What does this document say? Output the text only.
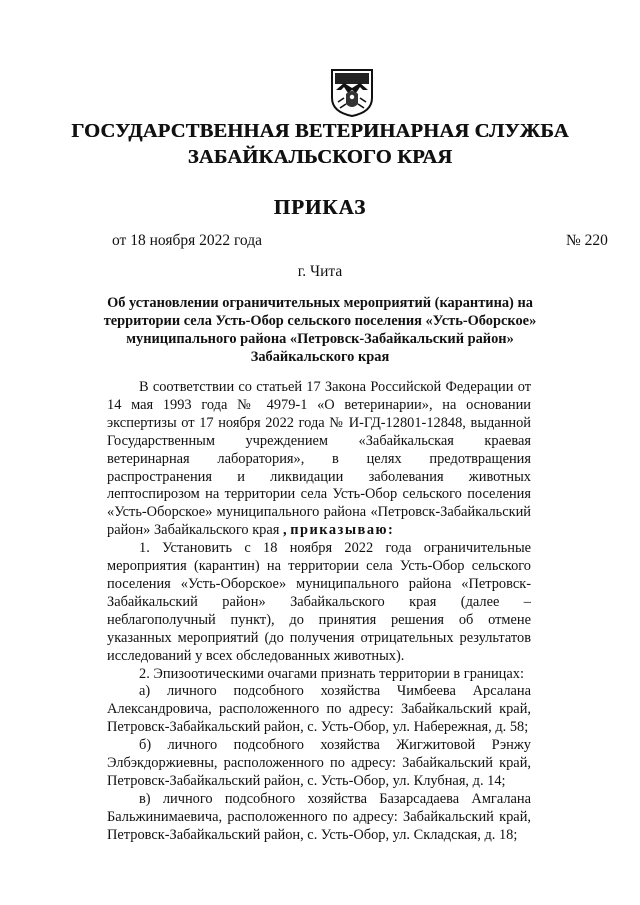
ГОСУДАРСТВЕННАЯ ВЕТЕРИНАРНАЯ СЛУЖБА
ЗАБАЙКАЛЬСКОГО КРАЯ
ПРИКАЗ
от 18 ноября 2022 года	№ 220
г. Чита
Об установлении ограничительных мероприятий (карантина) на
территории села Усть-Обор сельского поселения «Усть-Оборское»
муниципального района «Петровск-Забайкальский район»
Забайкальского края

В соответствии со статьей 17 Закона Российской Федерации от 14 мая 1993 года № 4979-1 «О ветеринарии», на основании экспертизы от 17 ноября 2022 года № И-ГД-12801-12848, выданной Государственным учреждением «Забайкальская краевая ветеринарная лаборатория», в целях предотвращения распространения и ликвидации заболевания животных лептоспирозом на территории села Усть-Обор сельского поселения «Усть-Оборское» муниципального района «Петровск-Забайкальский район» Забайкальского края , приказываю:

1. Установить с 18 ноября 2022 года ограничительные мероприятия (карантин) на территории села Усть-Обор сельского поселения «Усть-Оборское» муниципального района «Петровск-Забайкальский район» Забайкальского края (далее – неблагополучный пункт), до принятия решения об отмене указанных мероприятий (до получения отрицательных результатов исследований у всех обследованных животных).

2. Эпизоотическими очагами признать территории в границах:

а) личного подсобного хозяйства Чимбеева Арсалана Александровича, расположенного по адресу: Забайкальский край, Петровск-Забайкальский район, с. Усть-Обор, ул. Набережная, д. 58;

б) личного подсобного хозяйства Жигжитовой Рэнжу Элбэкдоржиевны, расположенного по адресу: Забайкальский край, Петровск-Забайкальский район, с. Усть-Обор, ул. Клубная, д. 14;

в) личного подсобного хозяйства Базарсадаева Амгалана Бальжинимаевича, расположенного по адресу: Забайкальский край, Петровск-Забайкальский район, с. Усть-Обор, ул. Складская, д. 18;
